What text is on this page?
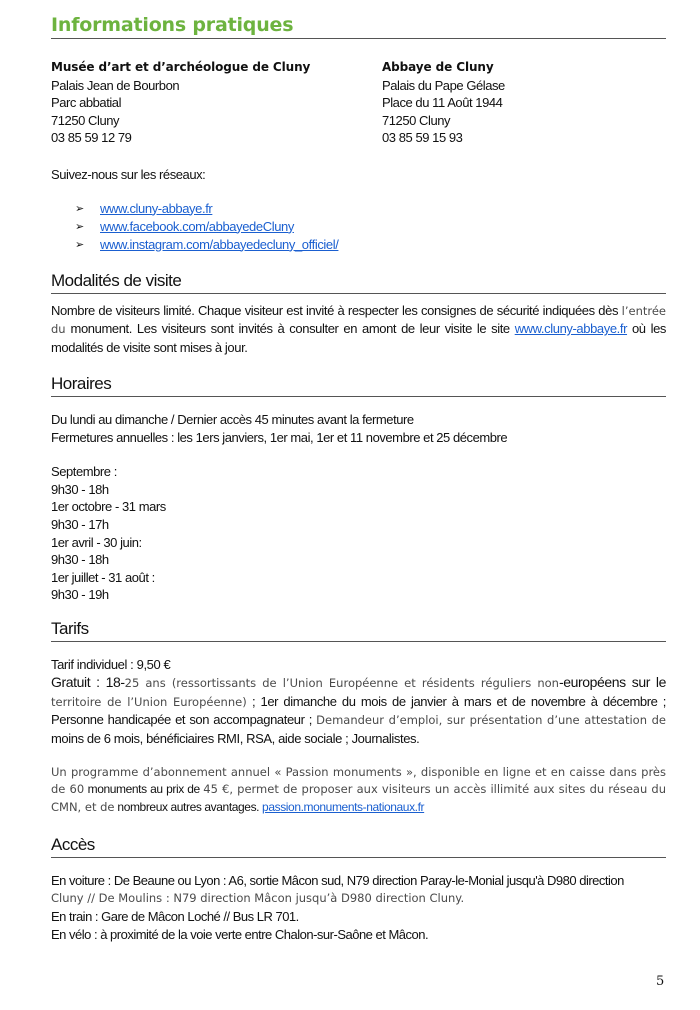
Informations pratiques
Musée d’art et d’archéologue de Cluny
Palais Jean de Bourbon
Parc abbatial
71250 Cluny
03 85 59 12 79
Abbaye de Cluny
Palais du Pape Gélase
Place du 11 Août 1944
71250 Cluny
03 85 59 15 93
Suivez-nous sur les réseaux:
➢	www.cluny-abbaye.fr
➢	www.facebook.com/abbayedeCluny
➢	www.instagram.com/abbayedecluny_officiel/
Modalités de visite
Nombre de visiteurs limité. Chaque visiteur est invité à respecter les consignes de sécurité indiquées dès l’entrée du monument. Les visiteurs sont invités à consulter en amont de leur visite le site www.cluny-abbaye.fr où les modalités de visite sont mises à jour.
Horaires
Du lundi au dimanche / Dernier accès 45 minutes avant la fermeture
Fermetures annuelles : les 1ers janviers, 1er mai, 1er et 11 novembre et 25 décembre
Septembre :
9h30 - 18h
1er octobre - 31 mars
9h30 - 17h
1er avril - 30 juin:
9h30 - 18h
1er juillet - 31 août :
9h30 - 19h
Tarifs
Tarif individuel : 9,50 €
Gratuit : 18-25 ans (ressortissants de l’Union Européenne et résidents réguliers non-européens sur le territoire de l’Union Européenne) ; 1er dimanche du mois de janvier à mars et de novembre à décembre ; Personne handicapée et son accompagnateur ; Demandeur d’emploi, sur présentation d’une attestation de moins de 6 mois, bénéficiaires RMI, RSA, aide sociale ; Journalistes.
Un programme d’abonnement annuel « Passion monuments », disponible en ligne et en caisse dans près de 60 monuments au prix de 45 €, permet de proposer aux visiteurs un accès illimité aux sites du réseau du CMN, et de nombreux autres avantages. passion.monuments-nationaux.fr
Accès
En voiture : De Beaune ou Lyon : A6, sortie Mâcon sud, N79 direction Paray-le-Monial jusqu'à D980 direction
Cluny // De Moulins : N79 direction Mâcon jusqu’à D980 direction Cluny.
En train : Gare de Mâcon Loché // Bus LR 701.
En vélo : à proximité de la voie verte entre Chalon-sur-Saône et Mâcon.
5
